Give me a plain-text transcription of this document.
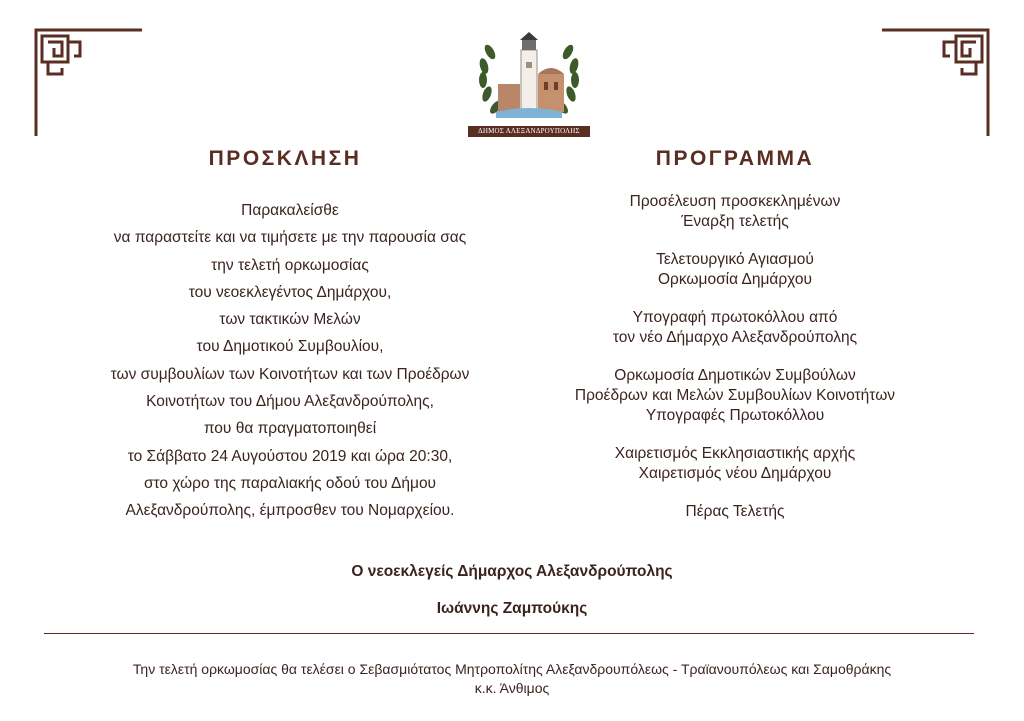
ΔΗΜΟΣ ΑΛΕΞΑΝΔΡΟΥΠΟΛΗΣ
ΠΡΟΣΚΛΗΣΗ	ΠΡΟΓΡΑΜΜΑ
Παρακαλείσθε
να παραστείτε και να τιμήσετε με την παρουσία σας
την τελετή ορκωμοσίας
του νεοεκλεγέντος Δημάρχου,
των τακτικών Μελών
του Δημοτικού Συμβουλίου,
των συμβουλίων των Κοινοτήτων και των Προέδρων
Κοινοτήτων του Δήμου Αλεξανδρούπολης,
που θα πραγματοποιηθεί
το Σάββατο 24 Αυγούστου 2019 και ώρα 20:30,
στο χώρο της παραλιακής οδού του Δήμου
Αλεξανδρούπολης, έμπροσθεν του Νομαρχείου.
Προσέλευση προσκεκλημένων
Έναρξη τελετής
Τελετουργικό Αγιασμού
Ορκωμοσία Δημάρχου
Υπογραφή πρωτοκόλλου από
τον νέο Δήμαρχο Αλεξανδρούπολης
Ορκωμοσία Δημοτικών Συμβούλων
Προέδρων και Μελών Συμβουλίων Κοινοτήτων
Υπογραφές Πρωτοκόλλου
Χαιρετισμός Εκκλησιαστικής αρχής
Χαιρετισμός νέου Δημάρχου
Πέρας Τελετής
Ο νεοεκλεγείς Δήμαρχος Αλεξανδρούπολης
Ιωάννης Ζαμπούκης
Την τελετή ορκωμοσίας θα τελέσει ο Σεβασμιότατος Μητροπολίτης Αλεξανδρουπόλεως - Τραϊανουπόλεως και Σαμοθράκης
κ.κ. Άνθιμος
